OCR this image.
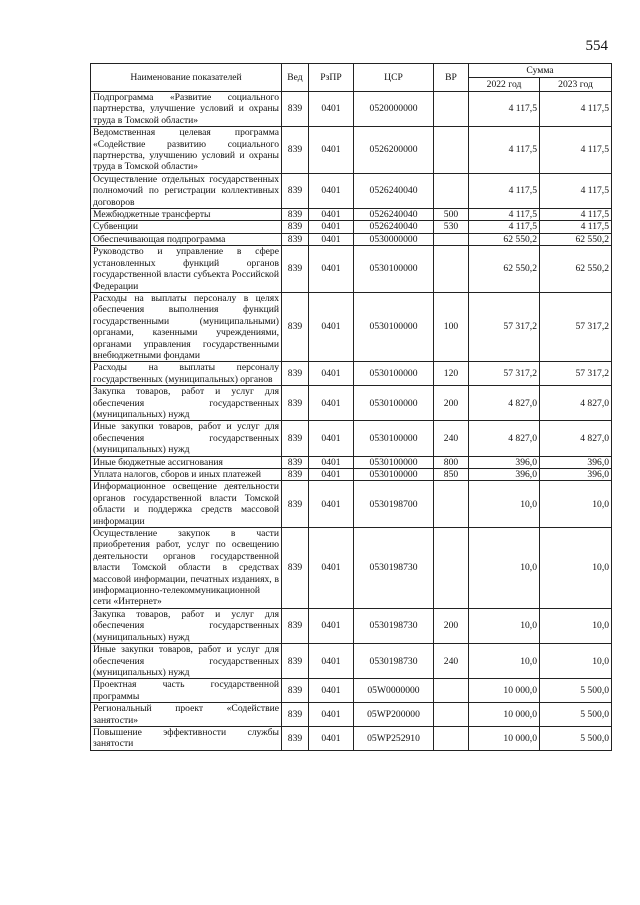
554
Наименование показателей	Вед	РзПР	ЦСР	ВР	Сумма	
					2022 год	2023 год
Подпрограмма «Развитие социального партнерства, улучшение условий и охраны труда в Томской области»	839	0401	0520000000		4 117,5	4 117,5
Ведомственная целевая программа «Содействие развитию социального партнерства, улучшению условий и охраны труда в Томской области»	839	0401	0526200000		4 117,5	4 117,5
Осуществление отдельных государственных полномочий по регистрации коллективных договоров	839	0401	0526240040		4 117,5	4 117,5
Межбюджетные трансферты	839	0401	0526240040	500	4 117,5	4 117,5
Субвенции	839	0401	0526240040	530	4 117,5	4 117,5
Обеспечивающая подпрограмма	839	0401	0530000000		62 550,2	62 550,2
Руководство и управление в сфере установленных функций органов государственной власти субъекта Российской Федерации	839	0401	0530100000		62 550,2	62 550,2
Расходы на выплаты персоналу в целях обеспечения выполнения функций государственными (муниципальными) органами, казенными учреждениями, органами управления государственными внебюджетными фондами	839	0401	0530100000	100	57 317,2	57 317,2
Расходы на выплаты персоналу государственных (муниципальных) органов	839	0401	0530100000	120	57 317,2	57 317,2
Закупка товаров, работ и услуг для обеспечения государственных (муниципальных) нужд	839	0401	0530100000	200	4 827,0	4 827,0
Иные закупки товаров, работ и услуг для обеспечения государственных (муниципальных) нужд	839	0401	0530100000	240	4 827,0	4 827,0
Иные бюджетные ассигнования	839	0401	0530100000	800	396,0	396,0
Уплата налогов, сборов и иных платежей	839	0401	0530100000	850	396,0	396,0
Информационное освещение деятельности органов государственной власти Томской области и поддержка средств массовой информации	839	0401	0530198700		10,0	10,0
Осуществление закупок в части приобретения работ, услуг по освещению деятельности органов государственной власти Томской области в средствах массовой информации, печатных изданиях, в информационно-телекоммуникационной сети «Интернет»	839	0401	0530198730		10,0	10,0
Закупка товаров, работ и услуг для обеспечения государственных (муниципальных) нужд	839	0401	0530198730	200	10,0	10,0
Иные закупки товаров, работ и услуг для обеспечения государственных (муниципальных) нужд	839	0401	0530198730	240	10,0	10,0
Проектная часть государственной программы	839	0401	05W0000000		10 000,0	5 500,0
Региональный проект «Содействие занятости»	839	0401	05WP200000		10 000,0	5 500,0
Повышение эффективности службы занятости	839	0401	05WP252910		10 000,0	5 500,0
